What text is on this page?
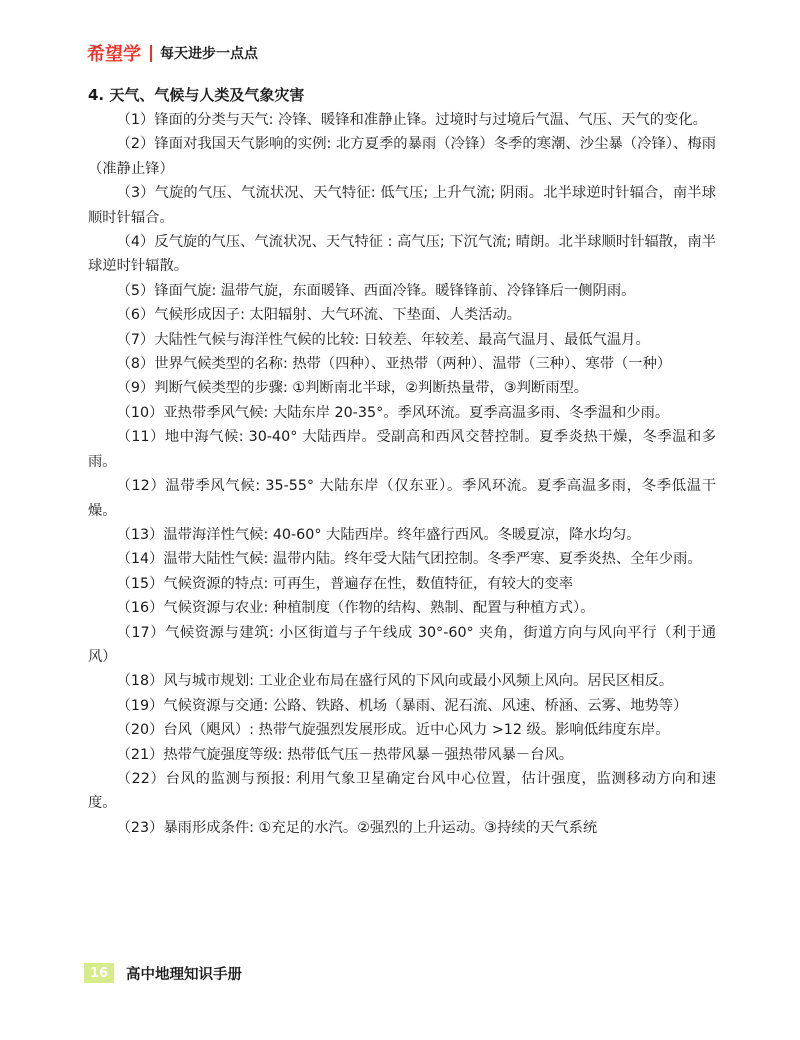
希望学 每天进步一点点
4. 天气、气候与人类及气象灾害

（1）锋面的分类与天气: 冷锋、暖锋和准静止锋。过境时与过境后气温、气压、天气的变化。

（2）锋面对我国天气影响的实例: 北方夏季的暴雨（冷锋）冬季的寒潮、沙尘暴（冷锋）、梅雨（准静止锋）

（3）气旋的气压、气流状况、天气特征: 低气压; 上升气流; 阴雨。北半球逆时针辐合，南半球顺时针辐合。

（4）反气旋的气压、气流状况、天气特征 : 高气压; 下沉气流; 晴朗。北半球顺时针辐散，南半球逆时针辐散。

（5）锋面气旋: 温带气旋，东面暖锋、西面冷锋。暖锋锋前、冷锋锋后一侧阴雨。

（6）气候形成因子: 太阳辐射、大气环流、下垫面、人类活动。

（7）大陆性气候与海洋性气候的比较: 日较差、年较差、最高气温月、最低气温月。

（8）世界气候类型的名称: 热带（四种）、亚热带（两种）、温带（三种）、寒带（一种）

（9）判断气候类型的步骤: ①判断南北半球，②判断热量带，③判断雨型。

（10）亚热带季风气候: 大陆东岸 20-35°。季风环流。夏季高温多雨、冬季温和少雨。

（11）地中海气候: 30-40° 大陆西岸。受副高和西风交替控制。夏季炎热干燥，冬季温和多雨。

（12）温带季风气候: 35-55° 大陆东岸（仅东亚）。季风环流。夏季高温多雨，冬季低温干燥。

（13）温带海洋性气候: 40-60° 大陆西岸。终年盛行西风。冬暖夏凉，降水均匀。

（14）温带大陆性气候: 温带内陆。终年受大陆气团控制。冬季严寒、夏季炎热、全年少雨。

（15）气候资源的特点: 可再生，普遍存在性，数值特征，有较大的变率

（16）气候资源与农业: 种植制度（作物的结构、熟制、配置与种植方式）。

（17）气候资源与建筑: 小区街道与子午线成 30°-60° 夹角，街道方向与风向平行（利于通风）

（18）风与城市规划: 工业企业布局在盛行风的下风向或最小风频上风向。居民区相反。

（19）气候资源与交通: 公路、铁路、机场（暴雨、泥石流、风速、桥涵、云雾、地势等）

（20）台风（飓风）: 热带气旋强烈发展形成。近中心风力 >12 级。影响低纬度东岸。

（21）热带气旋强度等级: 热带低气压－热带风暴－强热带风暴－台风。

（22）台风的监测与预报: 利用气象卫星确定台风中心位置，估计强度，监测移动方向和速度。

（23）暴雨形成条件: ①充足的水汽。②强烈的上升运动。③持续的天气系统

16	高中地理知识手册
